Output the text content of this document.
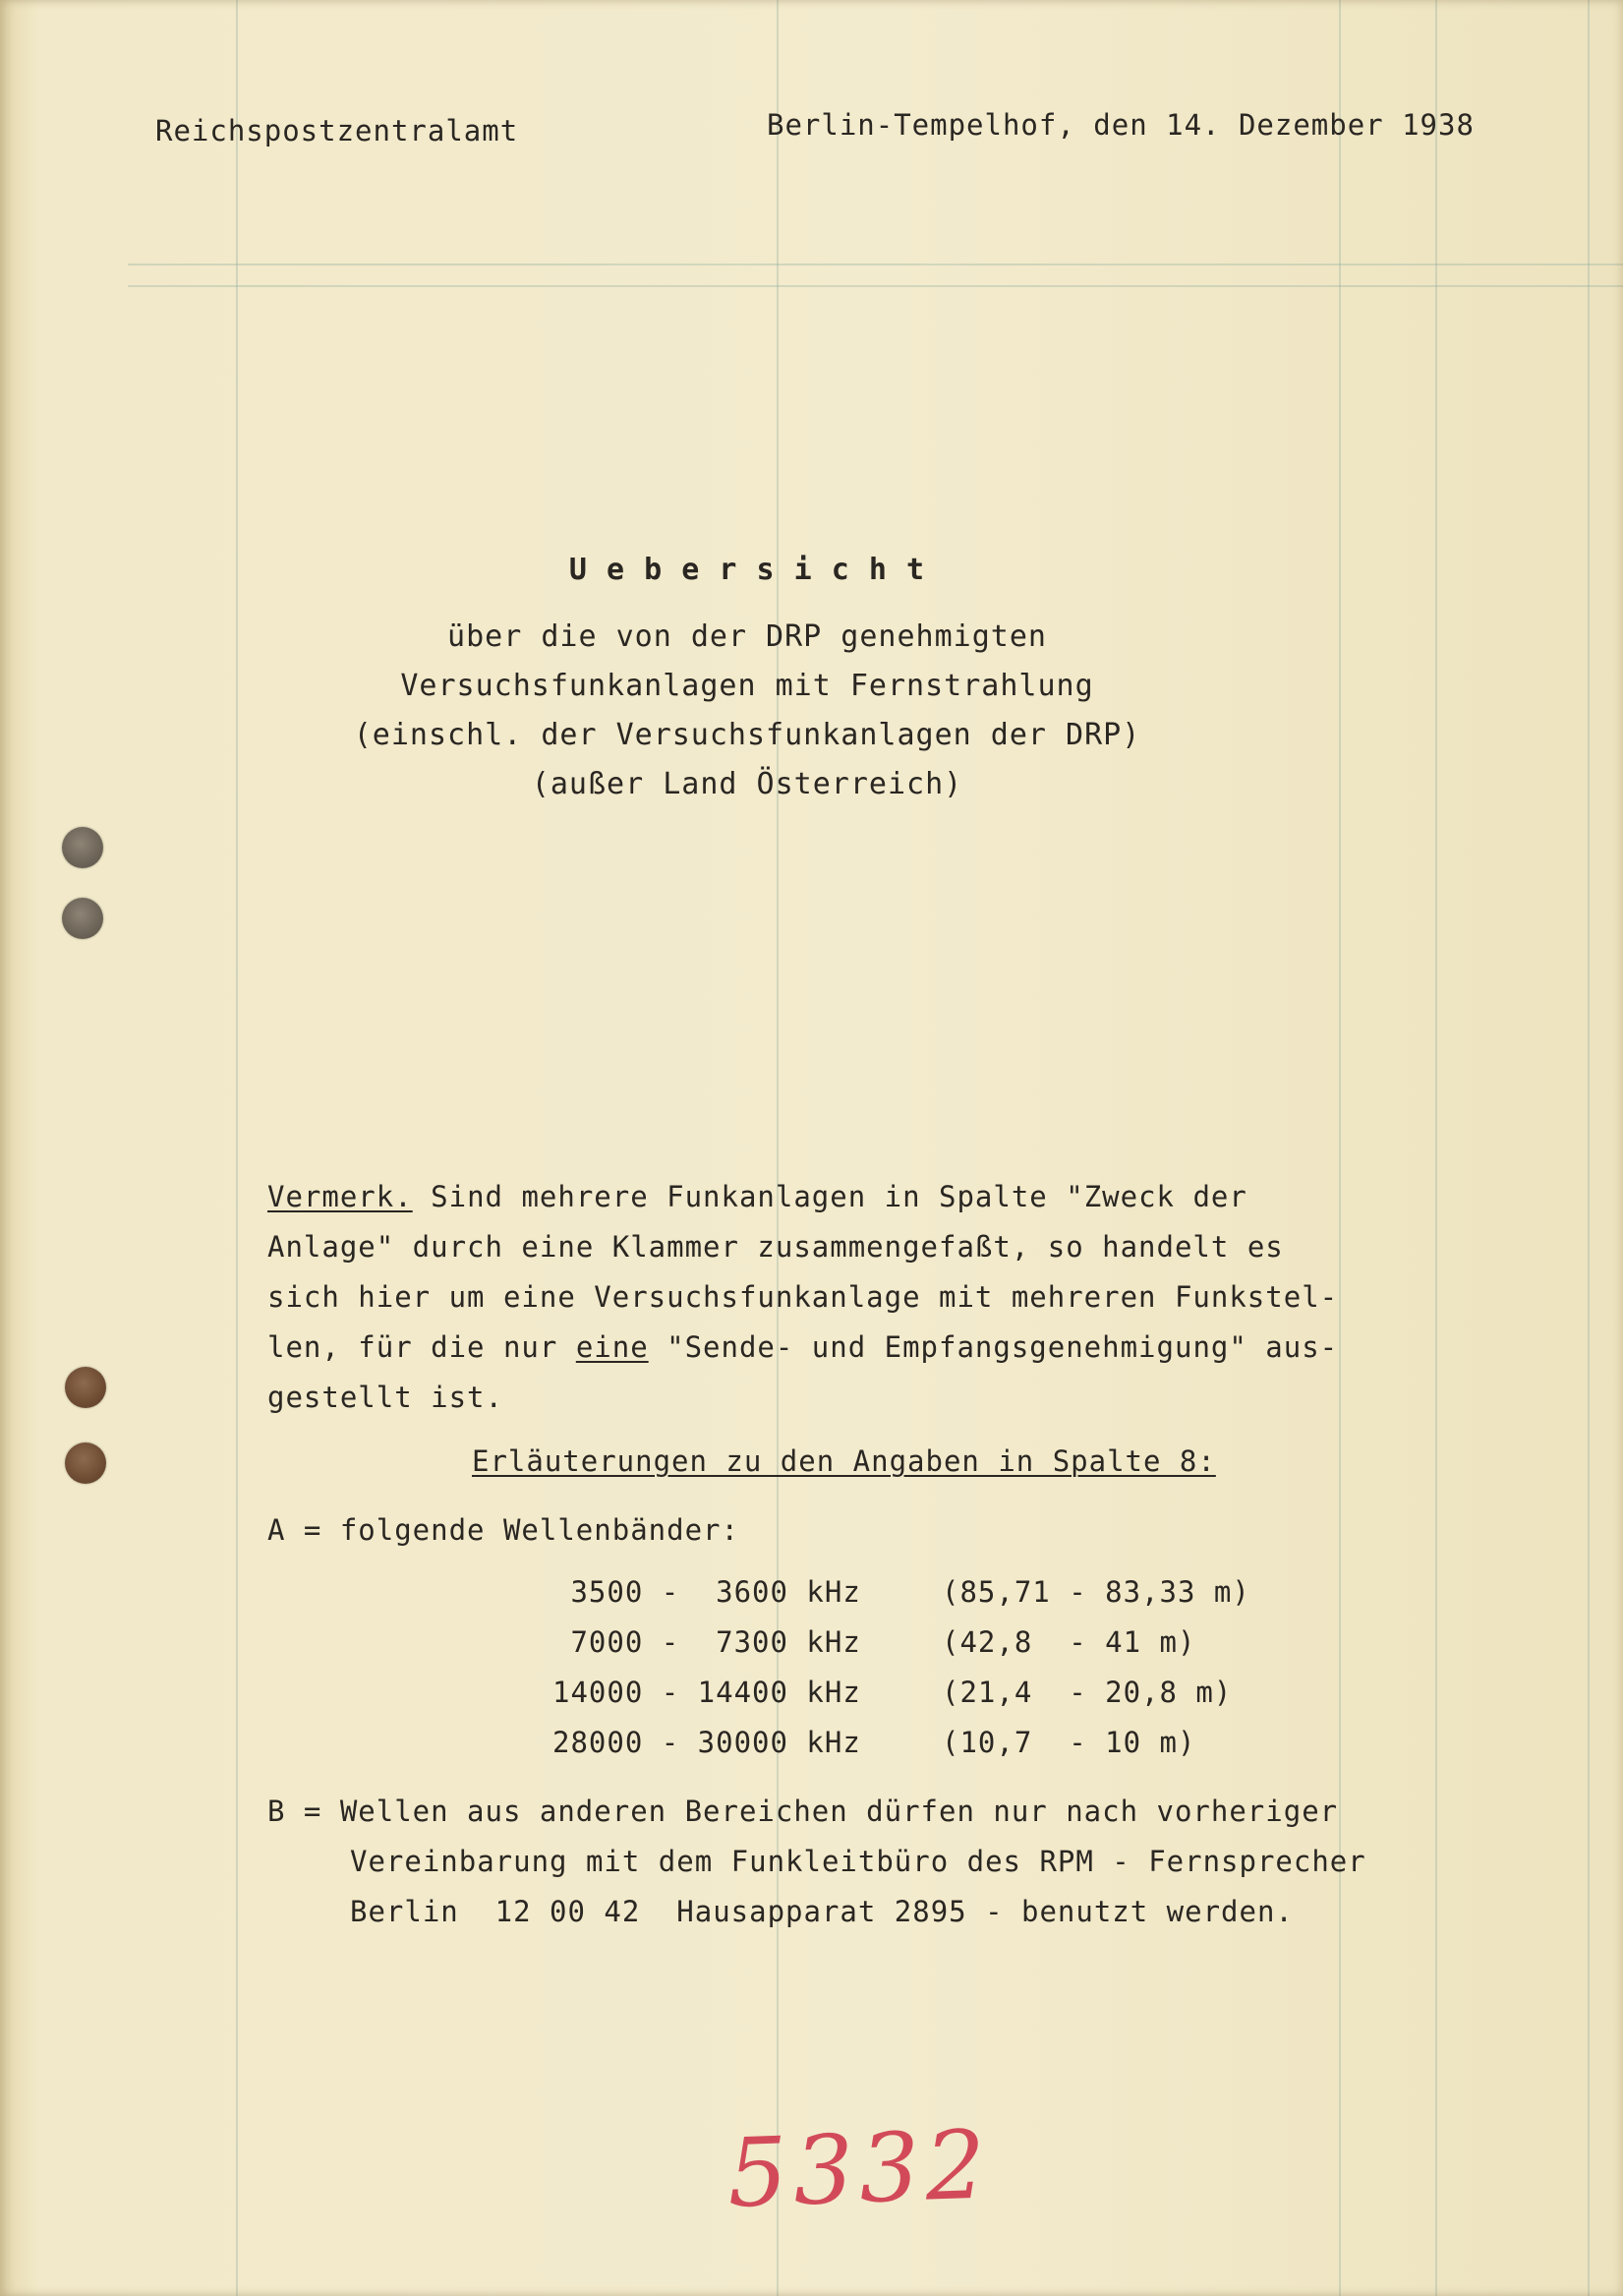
Reichspostzentralamt	Berlin-Tempelhof, den 14. Dezember 1938
U e b e r s i c h t
über die von der DRP genehmigten
Versuchsfunkanlagen mit Fernstrahlung
(einschl. der Versuchsfunkanlagen der DRP)
(außer Land Österreich)
Vermerk. Sind mehrere Funkanlagen in Spalte "Zweck der
Anlage" durch eine Klammer zusammengefaßt, so handelt es
sich hier um eine Versuchsfunkanlage mit mehreren Funkstel-
len, für die nur eine "Sende- und Empfangsgenehmigung" aus-
gestellt ist.
Erläuterungen zu den Angaben in Spalte 8:
A = folgende Wellenbänder:
3500 -  3600 kHz	(85,71 - 83,33 m)
7000 -  7300 kHz	(42,8  - 41 m)
14000 - 14400 kHz	(21,4  - 20,8 m)
28000 - 30000 kHz	(10,7  - 10 m)
B = Wellen aus anderen Bereichen dürfen nur nach vorheriger
Vereinbarung mit dem Funkleitbüro des RPM - Fernsprecher
Berlin  12 00 42  Hausapparat 2895 - benutzt werden.
5332
